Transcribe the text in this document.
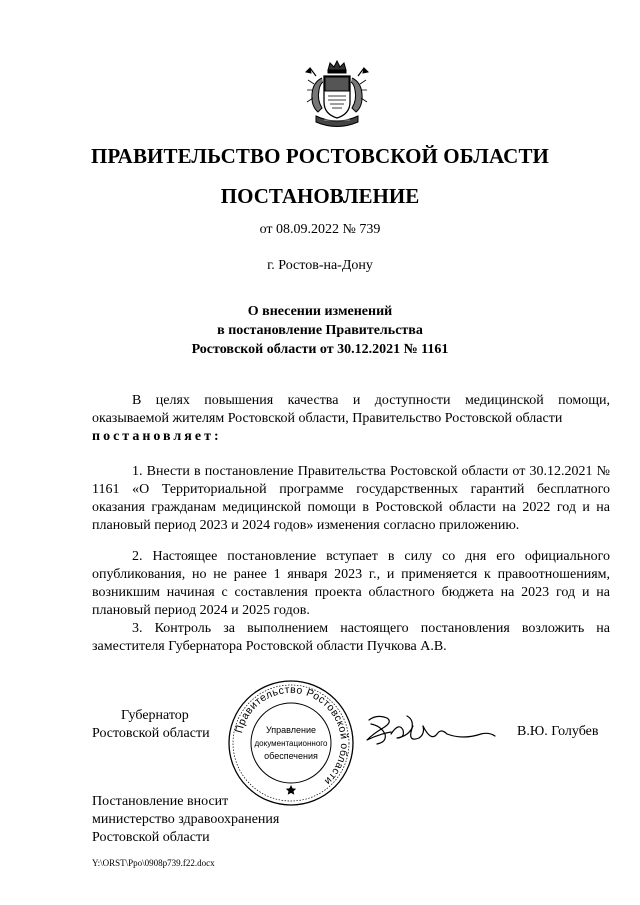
ПРАВИТЕЛЬСТВО РОСТОВСКОЙ ОБЛАСТИ
ПОСТАНОВЛЕНИЕ
от 08.09.2022 № 739
г. Ростов-на-Дону
О внесении изменений
в постановление Правительства
Ростовской области от 30.12.2021 № 1161
В целях повышения качества и доступности медицинской помощи, оказываемой жителям Ростовской области, Правительство Ростовской области
постановляет:
1. Внести в постановление Правительства Ростовской области от 30.12.2021 № 1161 «О Территориальной программе государственных гарантий бесплатного оказания гражданам медицинской помощи в Ростовской области на 2022 год и на плановый период 2023 и 2024 годов» изменения согласно приложению.
2. Настоящее постановление вступает в силу со дня его официального опубликования, но не ранее 1 января 2023 г., и применяется к правоотношениям, возникшим начиная с составления проекта областного бюджета на 2023 год и на плановый период 2024 и 2025 годов.
3. Контроль за выполнением настоящего постановления возложить на заместителя Губернатора Ростовской области Пучкова А.В.
Губернатор
Ростовской области Правительство Ростовской области
Управление
документационного
обеспечения
В.Ю. Голубев
Постановление вносит
министерство здравоохранения
Ростовской области
Y:\ORST\Ppo\0908p739.f22.docx
